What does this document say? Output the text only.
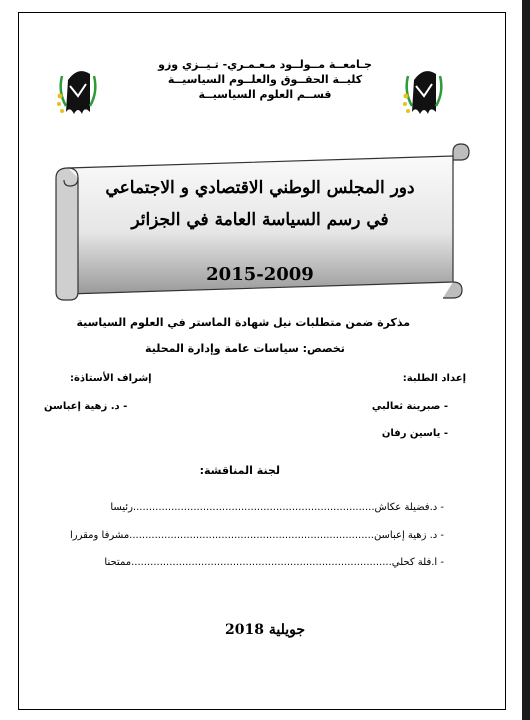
جـامعــة مــولــود مـعـمـري- تـيــزي وزو
كليــة الحقــوق والعلــوم السياسيــة
قســم العلوم السياسيــة
دور المجلس الوطني الاقتصادي و الاجتماعي
في رسم السياسة العامة في الجزائر
2015-2009
مذكرة ضمن متطلبات نيل شهادة الماستر في العلوم السياسية
تخصص: سياسات عامة وإدارة المحلية
إعداد الطلبة:
- صبرينة ثعالبي
- ياسين رفان
إشراف الأستاذة:
- د. زهية إعباسن
لجنة المناقشة:
- د.فضيلة عكاش............................................................................رئيسا
- د. زهية إعباسن.............................................................................مشرفا ومقررا
- أ.فلة كحلي..................................................................................ممتحنا
جويلية 2018
